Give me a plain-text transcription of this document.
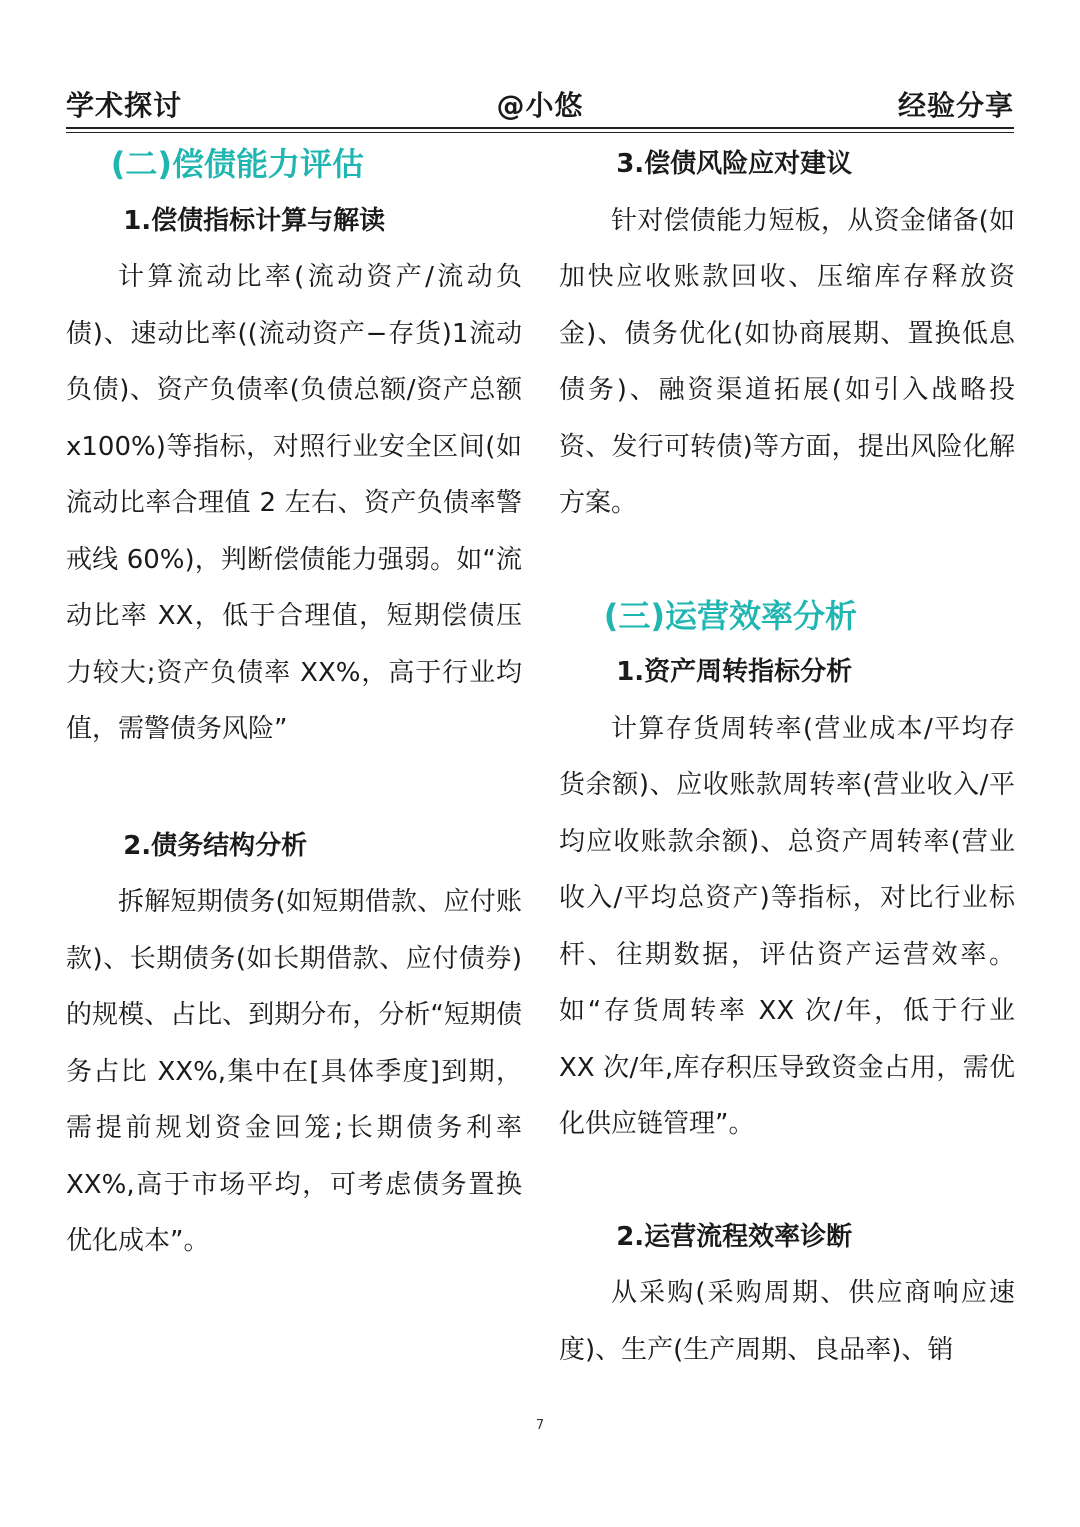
学术探讨	@小悠	经验分享

(二)偿债能力评估

1.偿债指标计算与解读

计算流动比率(流动资产/流动负债)、速动比率((流动资产−存货)1流动负债)、资产负债率(负债总额/资产总额 x100%)等指标，对照行业安全区间(如流动比率合理值 2 左右、资产负债率警戒线 60%)，判断偿债能力强弱。如“流动比率 XX，低于合理值，短期偿债压力较大;资产负债率 XX%，高于行业均值，需警债务风险”

2.债务结构分析

拆解短期债务(如短期借款、应付账款)、长期债务(如长期借款、应付债券)的规模、占比、到期分布，分析“短期债务占比 XX%,集中在[具体季度]到期，需提前规划资金回笼;长期债务利率 XX%,高于市场平均，可考虑债务置换优化成本”。

3.偿债风险应对建议

针对偿债能力短板，从资金储备(如加快应收账款回收、压缩库存释放资金)、债务优化(如协商展期、置换低息债务)、融资渠道拓展(如引入战略投资、发行可转债)等方面，提出风险化解方案。

(三)运营效率分析

1.资产周转指标分析

计算存货周转率(营业成本/平均存货余额)、应收账款周转率(营业收入/平均应收账款余额)、总资产周转率(营业收入/平均总资产)等指标，对比行业标杆、往期数据，评估资产运营效率。如“存货周转率 XX 次/年，低于行业 XX 次/年,库存积压导致资金占用，需优化供应链管理”。

2.运营流程效率诊断

从采购(采购周期、供应商响应速度)、生产(生产周期、良品率)、销

7
